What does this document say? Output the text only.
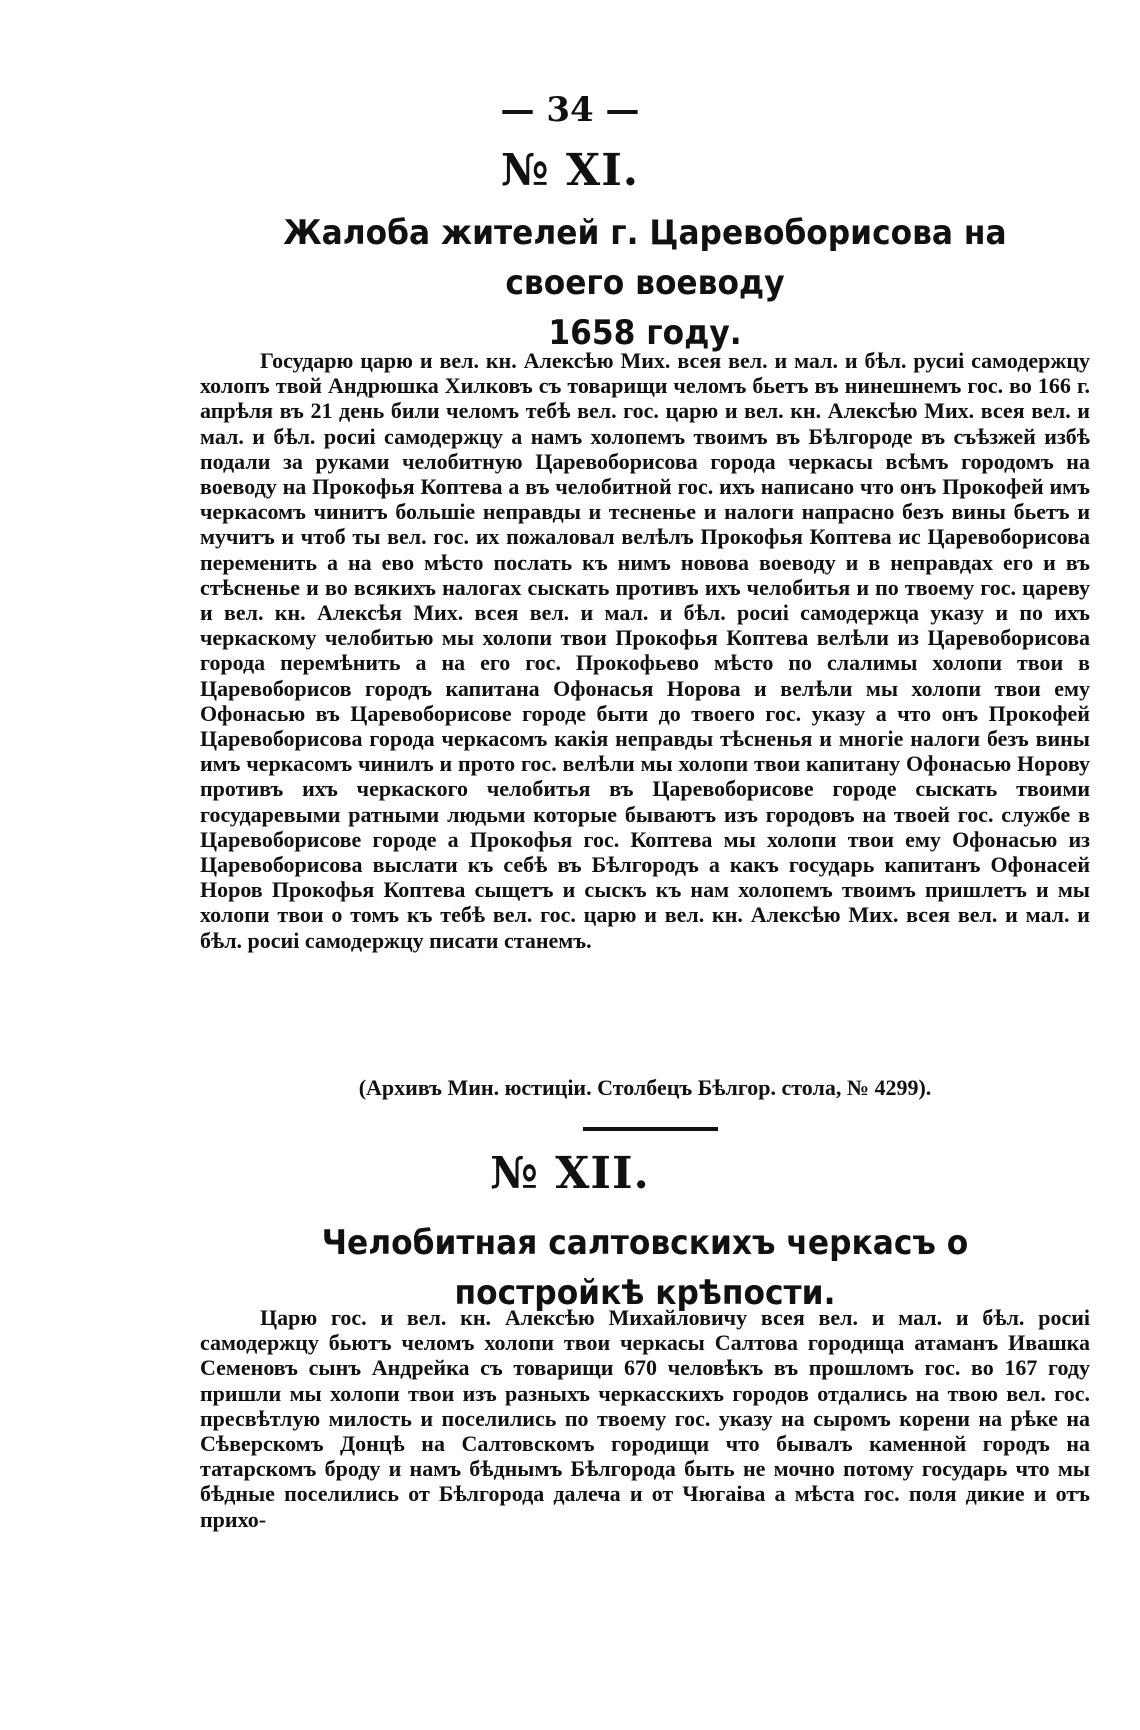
— 34 —
№ XI.
Жалоба жителей г. Царевоборисова на своего воеводу
1658 году.

Государю царю и вел. кн. Алексѣю Мих. всея вел. и мал. и бѣл. русиі самодержцу холопъ твой Андрюшка Хилковъ съ товарищи челомъ бьетъ въ нинешнемъ гос. во 166 г. апрѣля въ 21 день били челомъ тебѣ вел. гос. царю и вел. кн. Алексѣю Мих. всея вел. и мал. и бѣл. росиі самодержцу а намъ холопемъ твоимъ въ Бѣлгороде въ съѣзжей избѣ подали за руками челобитную Царевоборисова города черкасы всѣмъ городомъ на воеводу на Прокофья Коптева а въ челобитной гос. ихъ написано что онъ Прокофей имъ черкасомъ чинитъ большіе неправды и тесненье и налоги напрасно безъ вины бьетъ и мучитъ и чтоб ты вел. гос. их пожаловал велѣлъ Прокофья Коптева ис Царевоборисова переменить а на ево мѣсто послать къ нимъ новова воеводу и в неправдах его и въ стѣсненье и во всякихъ налогах сыскать противъ ихъ челобитья и по твоему гос. цареву и вел. кн. Алексѣя Мих. всея вел. и мал. и бѣл. росиі самодержца указу и по ихъ черкаскому челобитью мы холопи твои Прокофья Коптева велѣли из Царевоборисова города перемѣнить а на его гос. Прокофьево мѣсто по слалимы холопи твои в Царевоборисов городъ капитана Офонасья Норова и велѣли мы холопи твои ему Офонасью въ Царевоборисове городе быти до твоего гос. указу а что онъ Прокофей Царевоборисова города черкасомъ какія неправды тѣсненья и многіе налоги безъ вины имъ черкасомъ чинилъ и прото гос. велѣли мы холопи твои капитану Офонасью Норову противъ ихъ черкаского челобитья въ Царевоборисове городе сыскать твоими государевыми ратными людьми которые бываютъ изъ городовъ на твоей гос. службе в Царевоборисове городе а Прокофья гос. Коптева мы холопи твои ему Офонасью из Царевоборисова выслати къ себѣ въ Бѣлгородъ а какъ государь капитанъ Офонасей Норов Прокофья Коптева сыщетъ и сыскъ къ нам холопемъ твоимъ пришлетъ и мы холопи твои о томъ къ тебѣ вел. гос. царю и вел. кн. Алексѣю Мих. всея вел. и мал. и бѣл. росиі самодержцу писати станемъ.

(Архивъ Мин. юстиціи. Столбецъ Бѣлгор. стола, № 4299).
№ XII.
Челобитная салтовскихъ черкасъ о постройкѣ крѣпости.

Царю гос. и вел. кн. Алексѣю Михайловичу всея вел. и мал. и бѣл. росиі самодержцу бьютъ челомъ холопи твои черкасы Салтова городища атаманъ Ивашка Семеновъ сынъ Андрейка съ товарищи 670 человѣкъ въ прошломъ гос. во 167 году пришли мы холопи твои изъ разныхъ черкасскихъ городов отдались на твою вел. гос. пресвѣтлую милость и поселились по твоему гос. указу на сыромъ корени на рѣке на Сѣверскомъ Донцѣ на Салтовскомъ городищи что бывалъ каменной городъ на татарскомъ броду и намъ бѣднымъ Бѣлгорода быть не мочно потому государь что мы бѣдные поселились от Бѣлгорода далеча и от Чюгаіва а мѣста гос. поля дикие и отъ прихо-
